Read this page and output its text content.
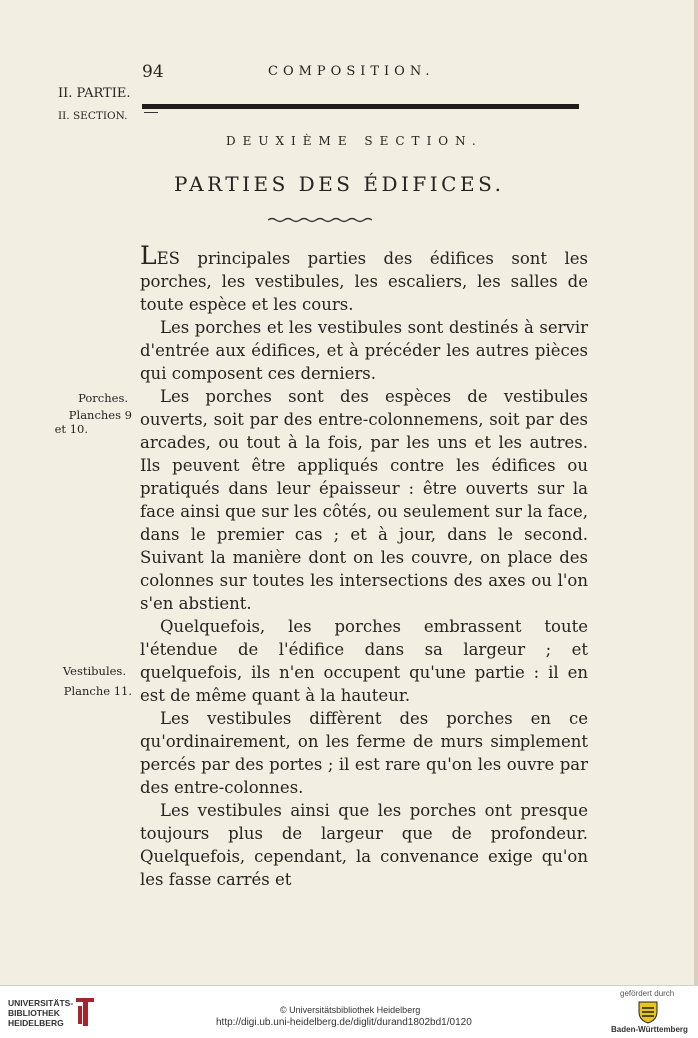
94	COMPOSITION.
II. PARTIE.
II. SECTION.
DEUXIÈME SECTION.
PARTIES DES ÉDIFICES.
Porches.
Planches 9
et 10.
Vestibules.
Planche 11.

LES principales parties des édifices sont les porches, les vestibules, les escaliers, les salles de toute espèce et les cours.

Les porches et les vestibules sont destinés à servir d'entrée aux édifices, et à précéder les autres pièces qui composent ces derniers.

Les porches sont des espèces de vestibules ouverts, soit par des entre-colonnemens, soit par des arcades, ou tout à la fois, par les uns et les autres. Ils peuvent être appliqués contre les édifices ou pratiqués dans leur épaisseur : être ouverts sur la face ainsi que sur les côtés, ou seulement sur la face, dans le premier cas ; et à jour, dans le second. Suivant la manière dont on les couvre, on place des colonnes sur toutes les intersections des axes ou l'on s'en abstient.

Quelquefois, les porches embrassent toute l'étendue de l'édifice dans sa largeur ; et quelquefois, ils n'en occupent qu'une partie : il en est de même quant à la hauteur.

Les vestibules diffèrent des porches en ce qu'ordinairement, on les ferme de murs simplement percés par des portes ; il est rare qu'on les ouvre par des entre-colonnes.

Les vestibules ainsi que les porches ont presque toujours plus de largeur que de profondeur. Quelquefois, cependant, la convenance exige qu'on les fasse carrés et

UNIVERSITÄTS-
BIBLIOTHEK
HEIDELBERG
© Universitätsbibliothek Heidelberg
http://digi.ub.uni-heidelberg.de/diglit/durand1802bd1/0120
gefördert durch
Baden-Württemberg
